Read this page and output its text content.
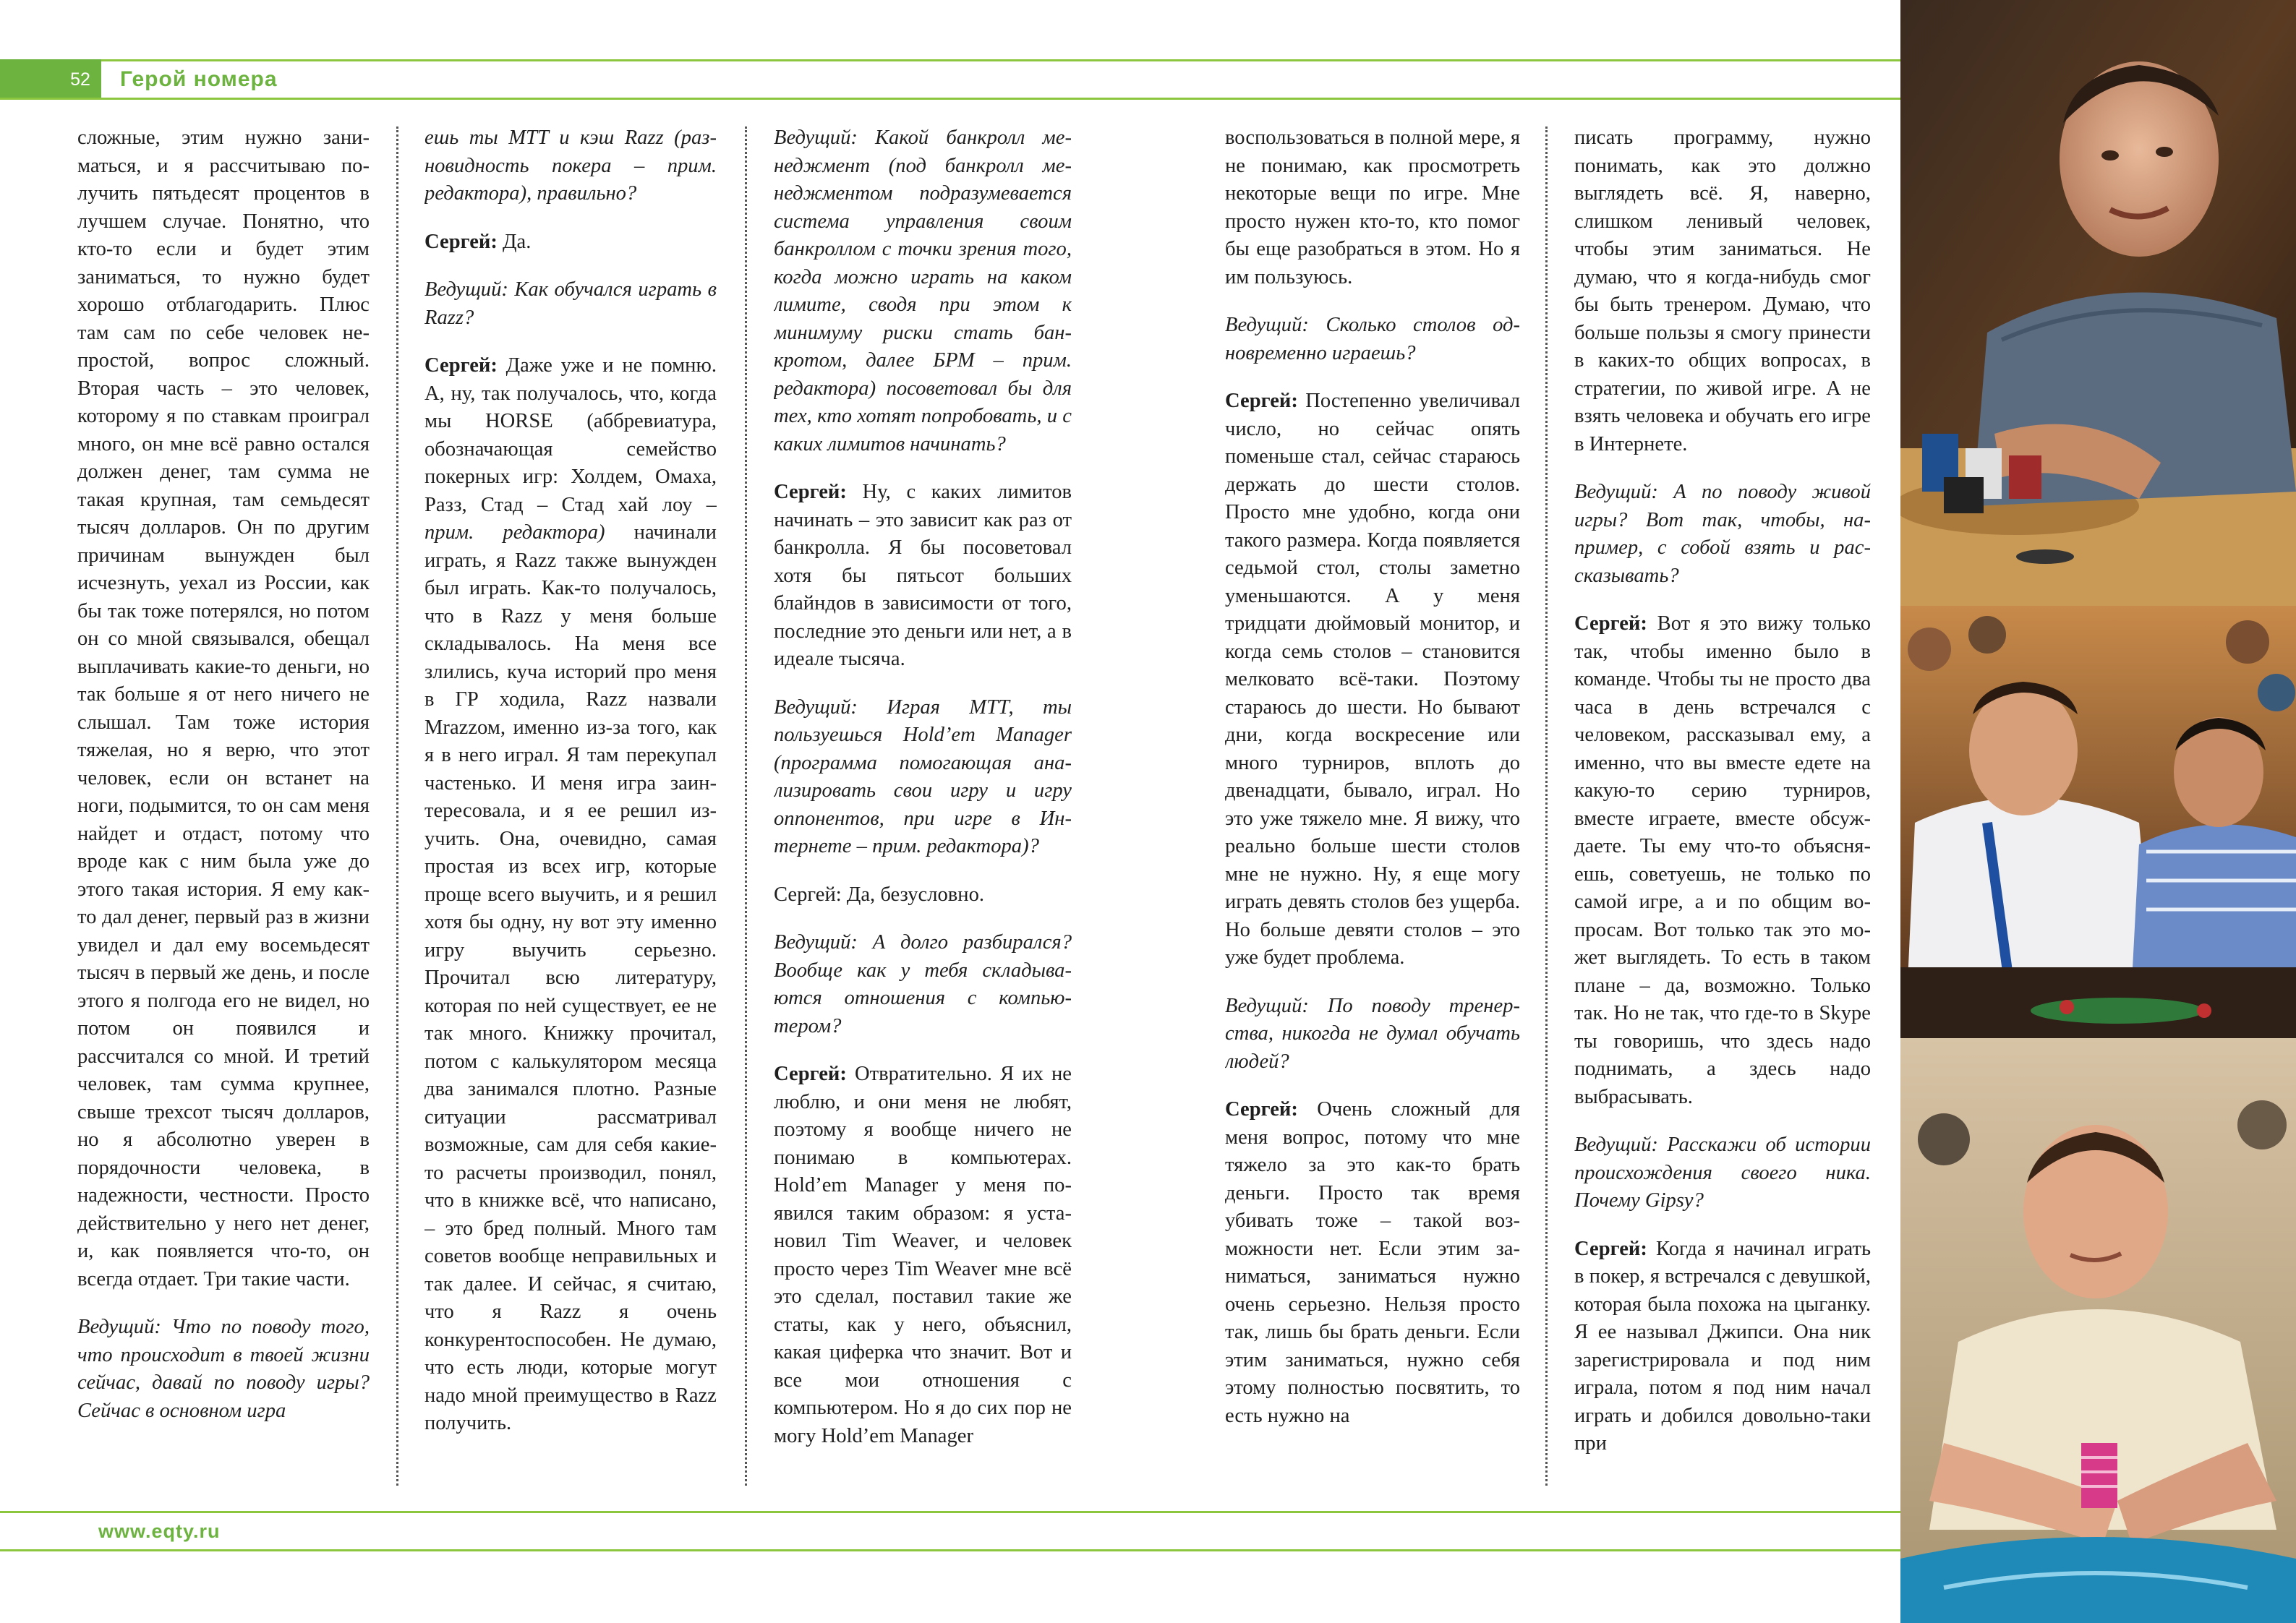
52	Герой номера

сложные, этим нужно заниматься, и я рассчитываю получить пятьдесят процентов в лучшем случае. Понятно, что кто-то если и будет этим заниматься, то нужно будет хорошо отблагодарить. Плюс там сам по себе человек непростой, вопрос сложный. Вторая часть – это человек, которому я по ставкам проиграл много, он мне всё равно остался должен денег, там сумма не такая крупная, там семьдесят тысяч долларов. Он по другим причинам вынужден был исчезнуть, уехал из России, как бы так тоже потерялся, но потом он со мной связывался, обещал выплачивать какие-то деньги, но так больше я от него ничего не слышал. Там тоже история тяжелая, но я верю, что этот человек, если он встанет на ноги, подымится, то он сам меня найдет и отдаст, потому что вроде как с ним была уже до этого такая история. Я ему как-то дал денег, первый раз в жизни увидел и дал ему восемьдесят тысяч в первый же день, и после этого я полгода его не видел, но потом он появился и рассчитался со мной. И третий человек, там сумма крупнее, свыше трехсот тысяч долларов, но я абсолютно уверен в порядочности человека, в надежности, честности. Просто действительно у него нет денег, и, как появляется что-то, он всегда отдает. Три такие части.

Ведущий: Что по поводу того, что происходит в твоей жизни сейчас, давай по поводу игры? Сейчас в основном игра

ешь ты МТТ и кэш Razz (разновидность покера – прим. редактора), правильно?

Сергей: Да.

Ведущий: Как обучался играть в Razz?

Сергей: Даже уже и не помню. А, ну, так получалось, что, когда мы HORSE (аббревиатура, обозначающая семейство покерных игр: Холдем, Омаха, Разз, Стад – Стад хай лоу – прим. редактора) начинали играть, я Razz также вынужден был играть. Как-то получалось, что в Razz у меня больше складывалось. На меня все злились, куча историй про меня в ГР ходила, Razz назвали Mrazzом, именно из-за того, как я в него играл. Я там перекупал частенько. И меня игра заинтересовала, и я ее решил изучить. Она, очевидно, самая простая из всех игр, которые проще всего выучить, и я решил хотя бы одну, ну вот эту именно игру выучить серьезно. Прочитал всю литературу, которая по ней существует, ее не так много. Книжку прочитал, потом с калькулятором месяца два занимался плотно. Разные ситуации рассматривал возможные, сам для себя какие-то расчеты производил, понял, что в книжке всё, что написано, – это бред полный. Много там советов вообще неправильных и так далее. И сейчас, я считаю, что я Razz я очень конкурентоспособен. Не думаю, что есть люди, которые могут надо мной преимущество в Razz получить.

Ведущий: Какой банкролл менеджмент (под банкролл менеджментом подразумевается система управления своим банкроллом с точки зрения того, когда можно играть на каком лимите, сводя при этом к минимуму риски стать банкротом, далее БРМ – прим. редактора) посоветовал бы для тех, кто хотят попробовать, и с каких лимитов начинать?

Сергей: Ну, с каких лимитов начинать – это зависит как раз от банкролла. Я бы посоветовал хотя бы пятьсот больших блайндов в зависимости от того, последние это деньги или нет, а в идеале тысяча.

Ведущий: Играя МТТ, ты пользуешься Hold’em Manager (программа помогающая анализировать свои игру и игру оппонентов, при игре в Интернете – прим. редактора)?

Сергей: Да, безусловно.

Ведущий: А долго разбирался? Вообще как у тебя складываются отношения с компьютером?

Сергей: Отвратительно. Я их не люблю, и они меня не любят, поэтому я вообще ничего не понимаю в компьютерах. Hold’em Manager у меня появился таким образом: я установил Tim Weaver, и человек просто через Tim Weaver мне всё это сделал, поставил такие же статы, как у него, объяснил, какая циферка что значит. Вот и все мои отношения с компьютером. Но я до сих пор не могу Hold’em Manager

воспользоваться в полной мере, я не понимаю, как просмотреть некоторые вещи по игре. Мне просто нужен кто-то, кто помог бы еще разобраться в этом. Но я им пользуюсь.

Ведущий: Сколько столов одновременно играешь?

Сергей: Постепенно увеличивал число, но сейчас опять поменьше стал, сейчас стараюсь держать до шести столов. Просто мне удобно, когда они такого размера. Когда появляется седьмой стол, столы заметно уменьшаются. А у меня тридцати дюймовый монитор, и когда семь столов – становится мелковато всё-таки. Поэтому стараюсь до шести. Но бывают дни, когда воскресение или много турниров, вплоть до двенадцати, бывало, играл. Но это уже тяжело мне. Я вижу, что реально больше шести столов мне не нужно. Ну, я еще могу играть девять столов без ущерба. Но больше девяти столов – это уже будет проблема.

Ведущий: По поводу тренерства, никогда не думал обучать людей?

Сергей: Очень сложный для меня вопрос, потому что мне тяжело за это как-то брать деньги. Просто так время убивать тоже – такой возможности нет. Если этим заниматься, заниматься нужно очень серьезно. Нельзя просто так, лишь бы брать деньги. Если этим заниматься, нужно себя этому полностью посвятить, то есть нужно на

писать программу, нужно понимать, как это должно выглядеть всё. Я, наверно, слишком ленивый человек, чтобы этим заниматься. Не думаю, что я когда-нибудь смог бы быть тренером. Думаю, что больше пользы я смогу принести в каких-то общих вопросах, в стратегии, по живой игре. А не взять человека и обучать его игре в Интернете.

Ведущий: А по поводу живой игры? Вот так, чтобы, например, с собой взять и рассказывать?

Сергей: Вот я это вижу только так, чтобы именно было в команде. Чтобы ты не просто два часа в день встречался с человеком, рассказывал ему, а именно, что вы вместе едете на какую-то серию турниров, вместе играете, вместе обсуждаете. Ты ему что-то объясняешь, советуешь, не только по самой игре, а и по общим вопросам. Вот только так это может выглядеть. То есть в таком плане – да, возможно. Только так. Но не так, что где-то в Skype ты говоришь, что здесь надо поднимать, а здесь надо выбрасывать.

Ведущий: Расскажи об истории происхождения своего ника. Почему Gipsy?

Сергей: Когда я начинал играть в покер, я встречался с девушкой, которая была похожа на цыганку. Я ее называл Джипси. Она ник зарегистрировала и под ним играла, потом я под ним начал играть и добился довольно-таки при

www.eqty.ru
